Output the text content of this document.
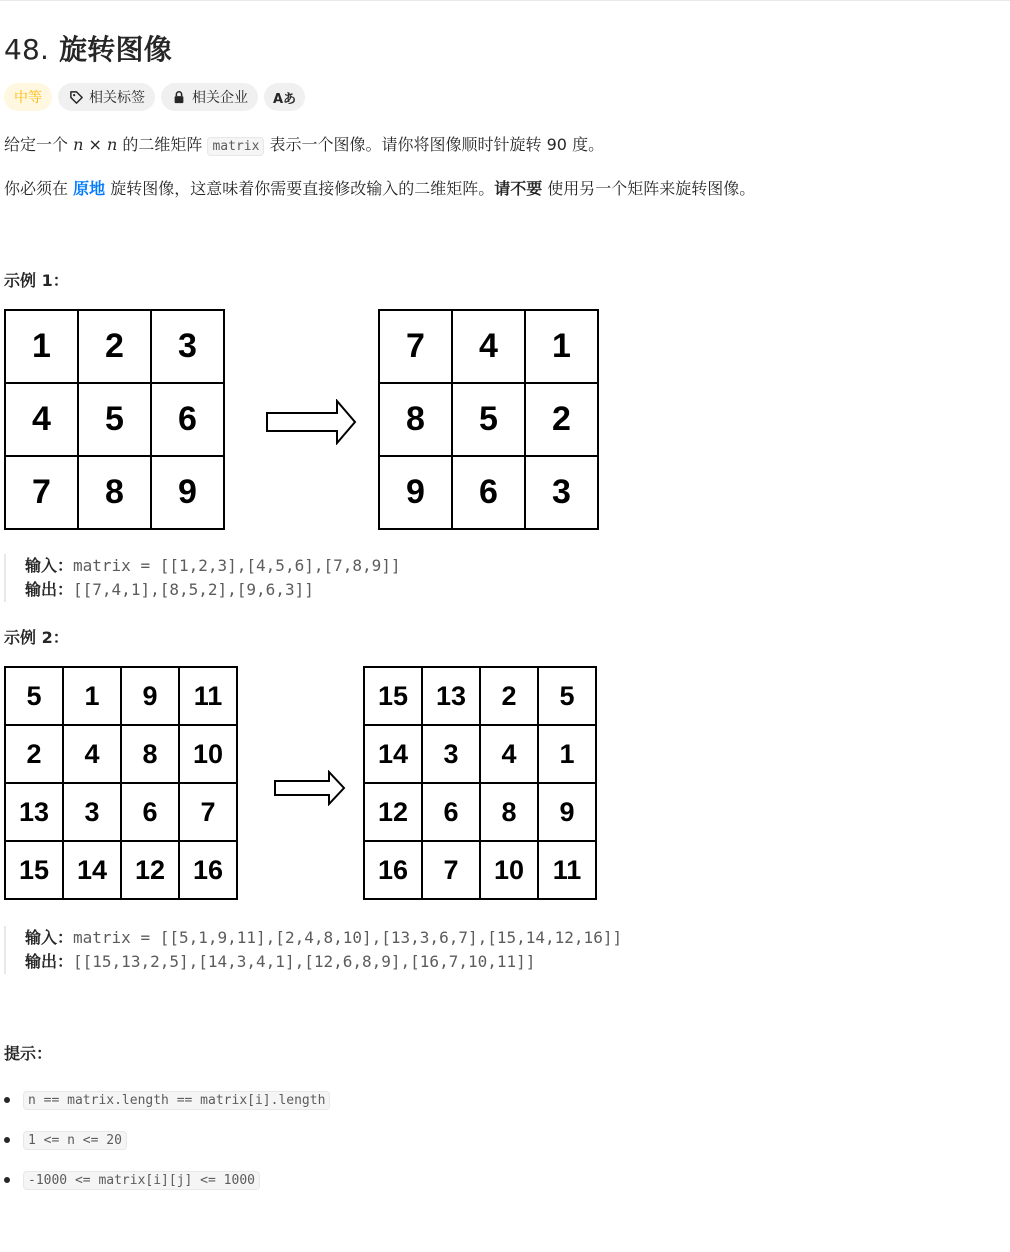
48. 旋转图像
中等	相关标签	相关企业 Aあ

给定一个 n × n 的二维矩阵 matrix 表示一个图像。请你将图像顺时针旋转 90 度。

你必须在 原地 旋转图像，这意味着你需要直接修改输入的二维矩阵。请不要 使用另一个矩阵来旋转图像。

示例 1：

1	2	3
4	5	6
7	8	9
7	4	1
8	5	2
9	6	3
输入：matrix = [[1,2,3],[4,5,6],[7,8,9]]
输出：[[7,4,1],[8,5,2],[9,6,3]]

示例 2：

5	1	9	11
2	4	8	10
13	3	6	7
15	14	12	16
15	13	2	5
14	3	4	1
12	6	8	9
16	7	10	11
输入：matrix = [[5,1,9,11],[2,4,8,10],[13,3,6,7],[15,14,12,16]]
输出：[[15,13,2,5],[14,3,4,1],[12,6,8,9],[16,7,10,11]]

提示：

n == matrix.length == matrix[i].length
1 <= n <= 20
-1000 <= matrix[i][j] <= 1000
